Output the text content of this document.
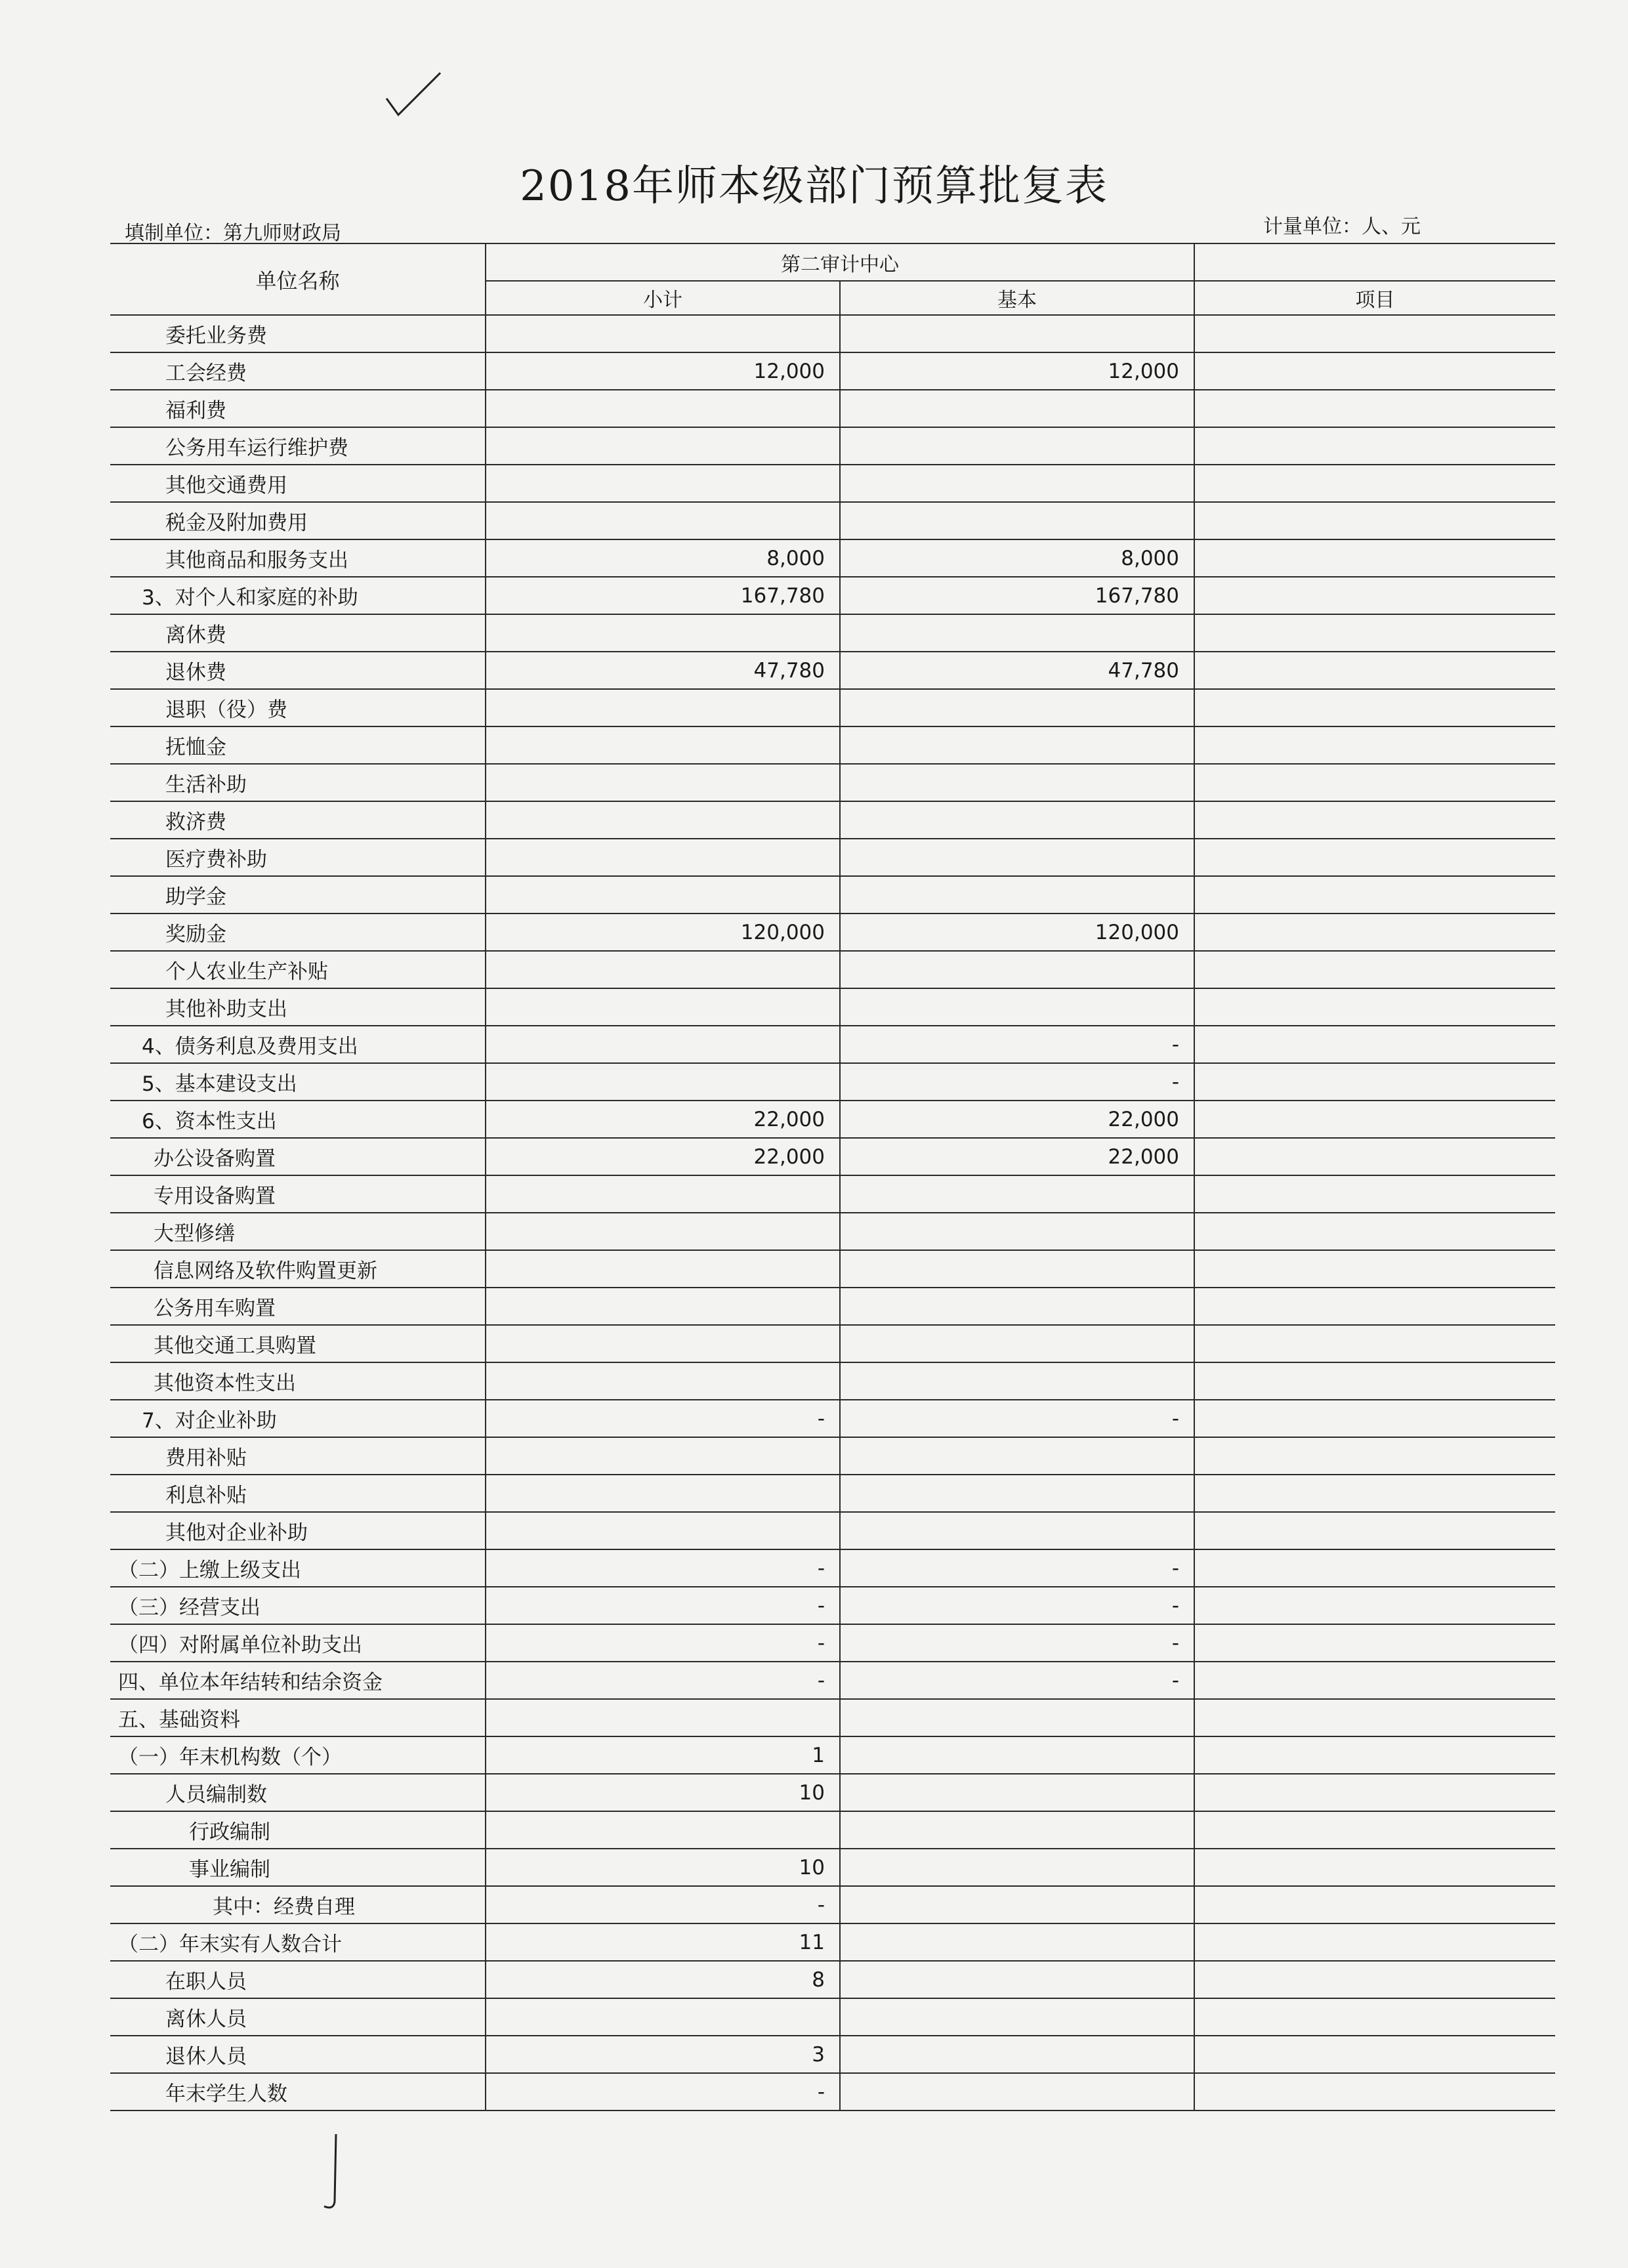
2018年师本级部门预算批复表
填制单位：第九师财政局	计量单位：人、元
单位名称	第二审计中心		
	小计	基本	项目
委托业务费			
工会经费	12,000	12,000	
福利费			
公务用车运行维护费			
其他交通费用			
税金及附加费用			
其他商品和服务支出	8,000	8,000	
3、对个人和家庭的补助	167,780	167,780	
离休费			
退休费	47,780	47,780	
退职（役）费			
抚恤金			
生活补助			
救济费			
医疗费补助			
助学金			
奖励金	120,000	120,000	
个人农业生产补贴			
其他补助支出			
4、债务利息及费用支出		-	
5、基本建设支出		-	
6、资本性支出	22,000	22,000	
办公设备购置	22,000	22,000	
专用设备购置			
大型修缮			
信息网络及软件购置更新			
公务用车购置			
其他交通工具购置			
其他资本性支出			
7、对企业补助	-	-	
费用补贴			
利息补贴			
其他对企业补助			
（二）上缴上级支出	-	-	
（三）经营支出	-	-	
（四）对附属单位补助支出	-	-	
四、单位本年结转和结余资金	-	-	
五、基础资料			
（一）年末机构数（个）	1		
人员编制数	10		
行政编制			
事业编制	10		
其中：经费自理	-		
（二）年末实有人数合计	11		
在职人员	8		
离休人员			
退休人员	3		
年末学生人数	-		
